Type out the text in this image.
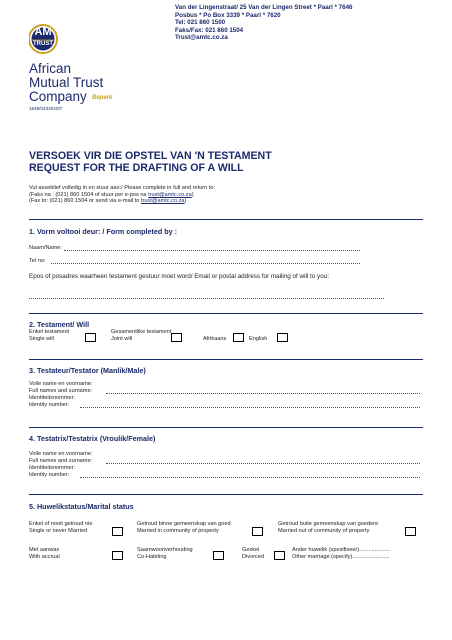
Van der Lingenstraat/ 25 Van der Lingen Street * Paarl * 7646
Posbus * Po Box 3339 * Paarl * 7620
Tel: 021 860 1500
Faks/Fax: 021 860 1504
Trust@amtc.co.za
AM
TRUST
African
Mutual Trust
Company Beperk
1948/033302/07
VERSOEK VIR DIE OPSTEL VAN 'N TESTAMENT
REQUEST FOR THE DRAFTING OF A WILL
Vul asseblief volledig in en stuur aan:/ Please complete in full and return to:
(Faks na : (021) 860 1504 of stuur per e-pos na trust@amtc.co.za)
(Fax to: (021) 860 1504 or send via e-mail to trust@amtc.co.za)
1. Vorm voltooi deur: / Form completed by :
Naam/Name:
Tel no:
Epos of posadres waarheen testament gestuur moet word/ Email or postal address for mailing of will to you:
2. Testament/ Will
Enkel testament
Single will
Gesamentlike testament
Joint will	Afrikaans	English
3. Testateur/Testator (Manlik/Male)
Volle name en voorname:
Full names and surname:
Identiteitsnommer:
Identity number:
4. Testatrix/Testatrix (Vroulik/Female)
Volle name en voorname:
Full names and surname:
Identiteitsnommer:
Identity number:
5. Huwelikstatus/Marital status
Enkel of nooit getroud nie
Single or never Married
Getroud binne gemeenskap van goed
Married in community of property
Getroud buite gemeenskap van goedere
Married out of community of property
Met aanwas
With accrual
Saamwoonverhouding
Co-Habiting
Geskei
Divorced
Ander huwelik (spesifiseer)....................
Other marriage (specify)........................
